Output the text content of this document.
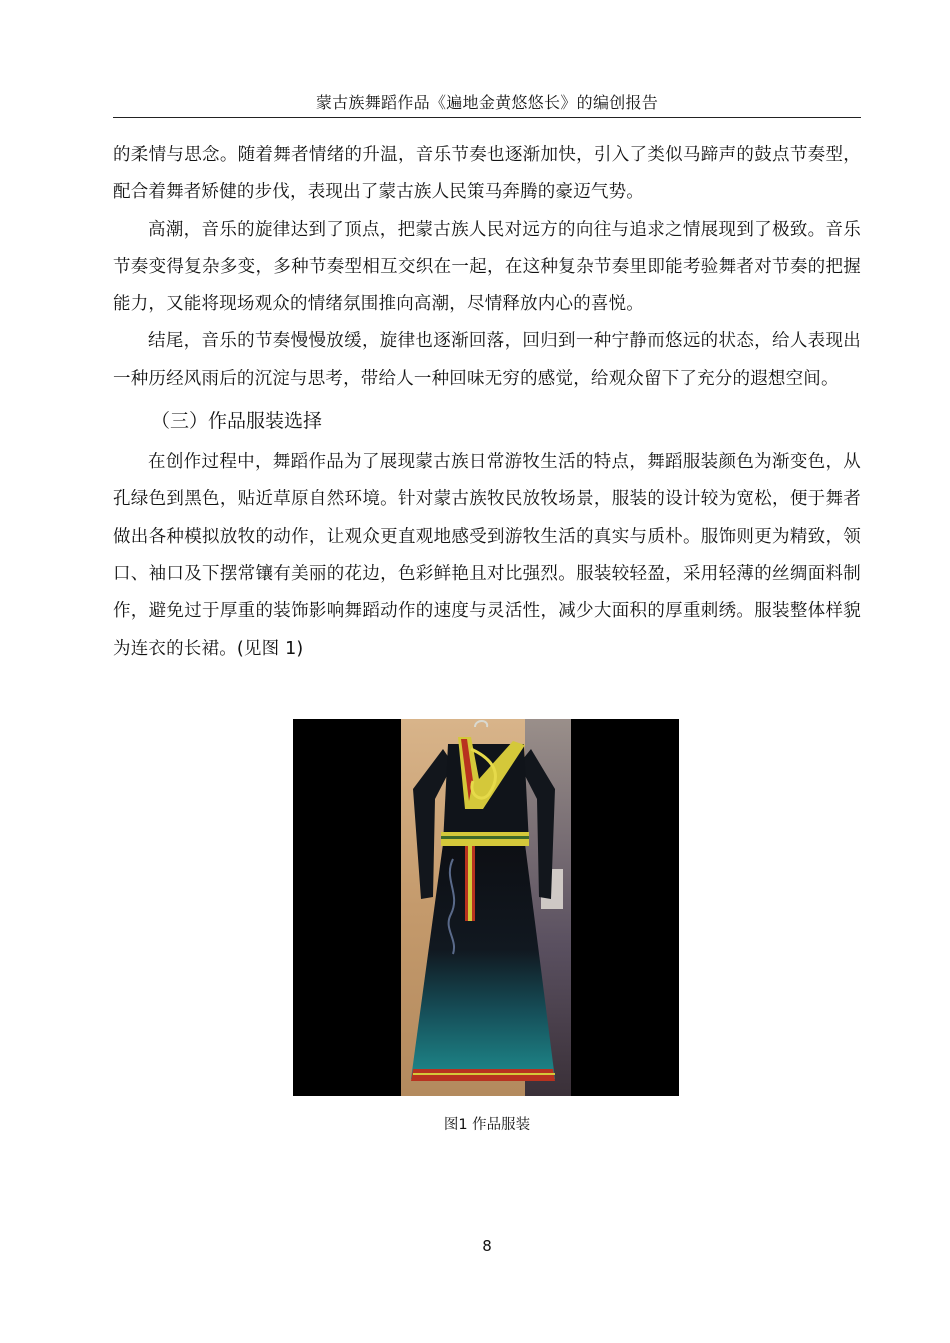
蒙古族舞蹈作品《遍地金黄悠悠长》的编创报告

的柔情与思念。随着舞者情绪的升温，音乐节奏也逐渐加快，引入了类似马蹄声的鼓点节奏型，配合着舞者矫健的步伐，表现出了蒙古族人民策马奔腾的豪迈气势。

高潮，音乐的旋律达到了顶点，把蒙古族人民对远方的向往与追求之情展现到了极致。音乐节奏变得复杂多变，多种节奏型相互交织在一起，在这种复杂节奏里即能考验舞者对节奏的把握能力，又能将现场观众的情绪氛围推向高潮，尽情释放内心的喜悦。

结尾，音乐的节奏慢慢放缓，旋律也逐渐回落，回归到一种宁静而悠远的状态，给人表现出一种历经风雨后的沉淀与思考，带给人一种回味无穷的感觉，给观众留下了充分的遐想空间。

（三）作品服装选择

在创作过程中，舞蹈作品为了展现蒙古族日常游牧生活的特点，舞蹈服装颜色为渐变色，从孔绿色到黑色，贴近草原自然环境。针对蒙古族牧民放牧场景，服装的设计较为宽松，便于舞者做出各种模拟放牧的动作，让观众更直观地感受到游牧生活的真实与质朴。服饰则更为精致，领口、袖口及下摆常镶有美丽的花边，色彩鲜艳且对比强烈。服装较轻盈，采用轻薄的丝绸面料制作，避免过于厚重的装饰影响舞蹈动作的速度与灵活性，减少大面积的厚重刺绣。服装整体样貌为连衣的长裙。(见图 1)

图1 作品服装
8
